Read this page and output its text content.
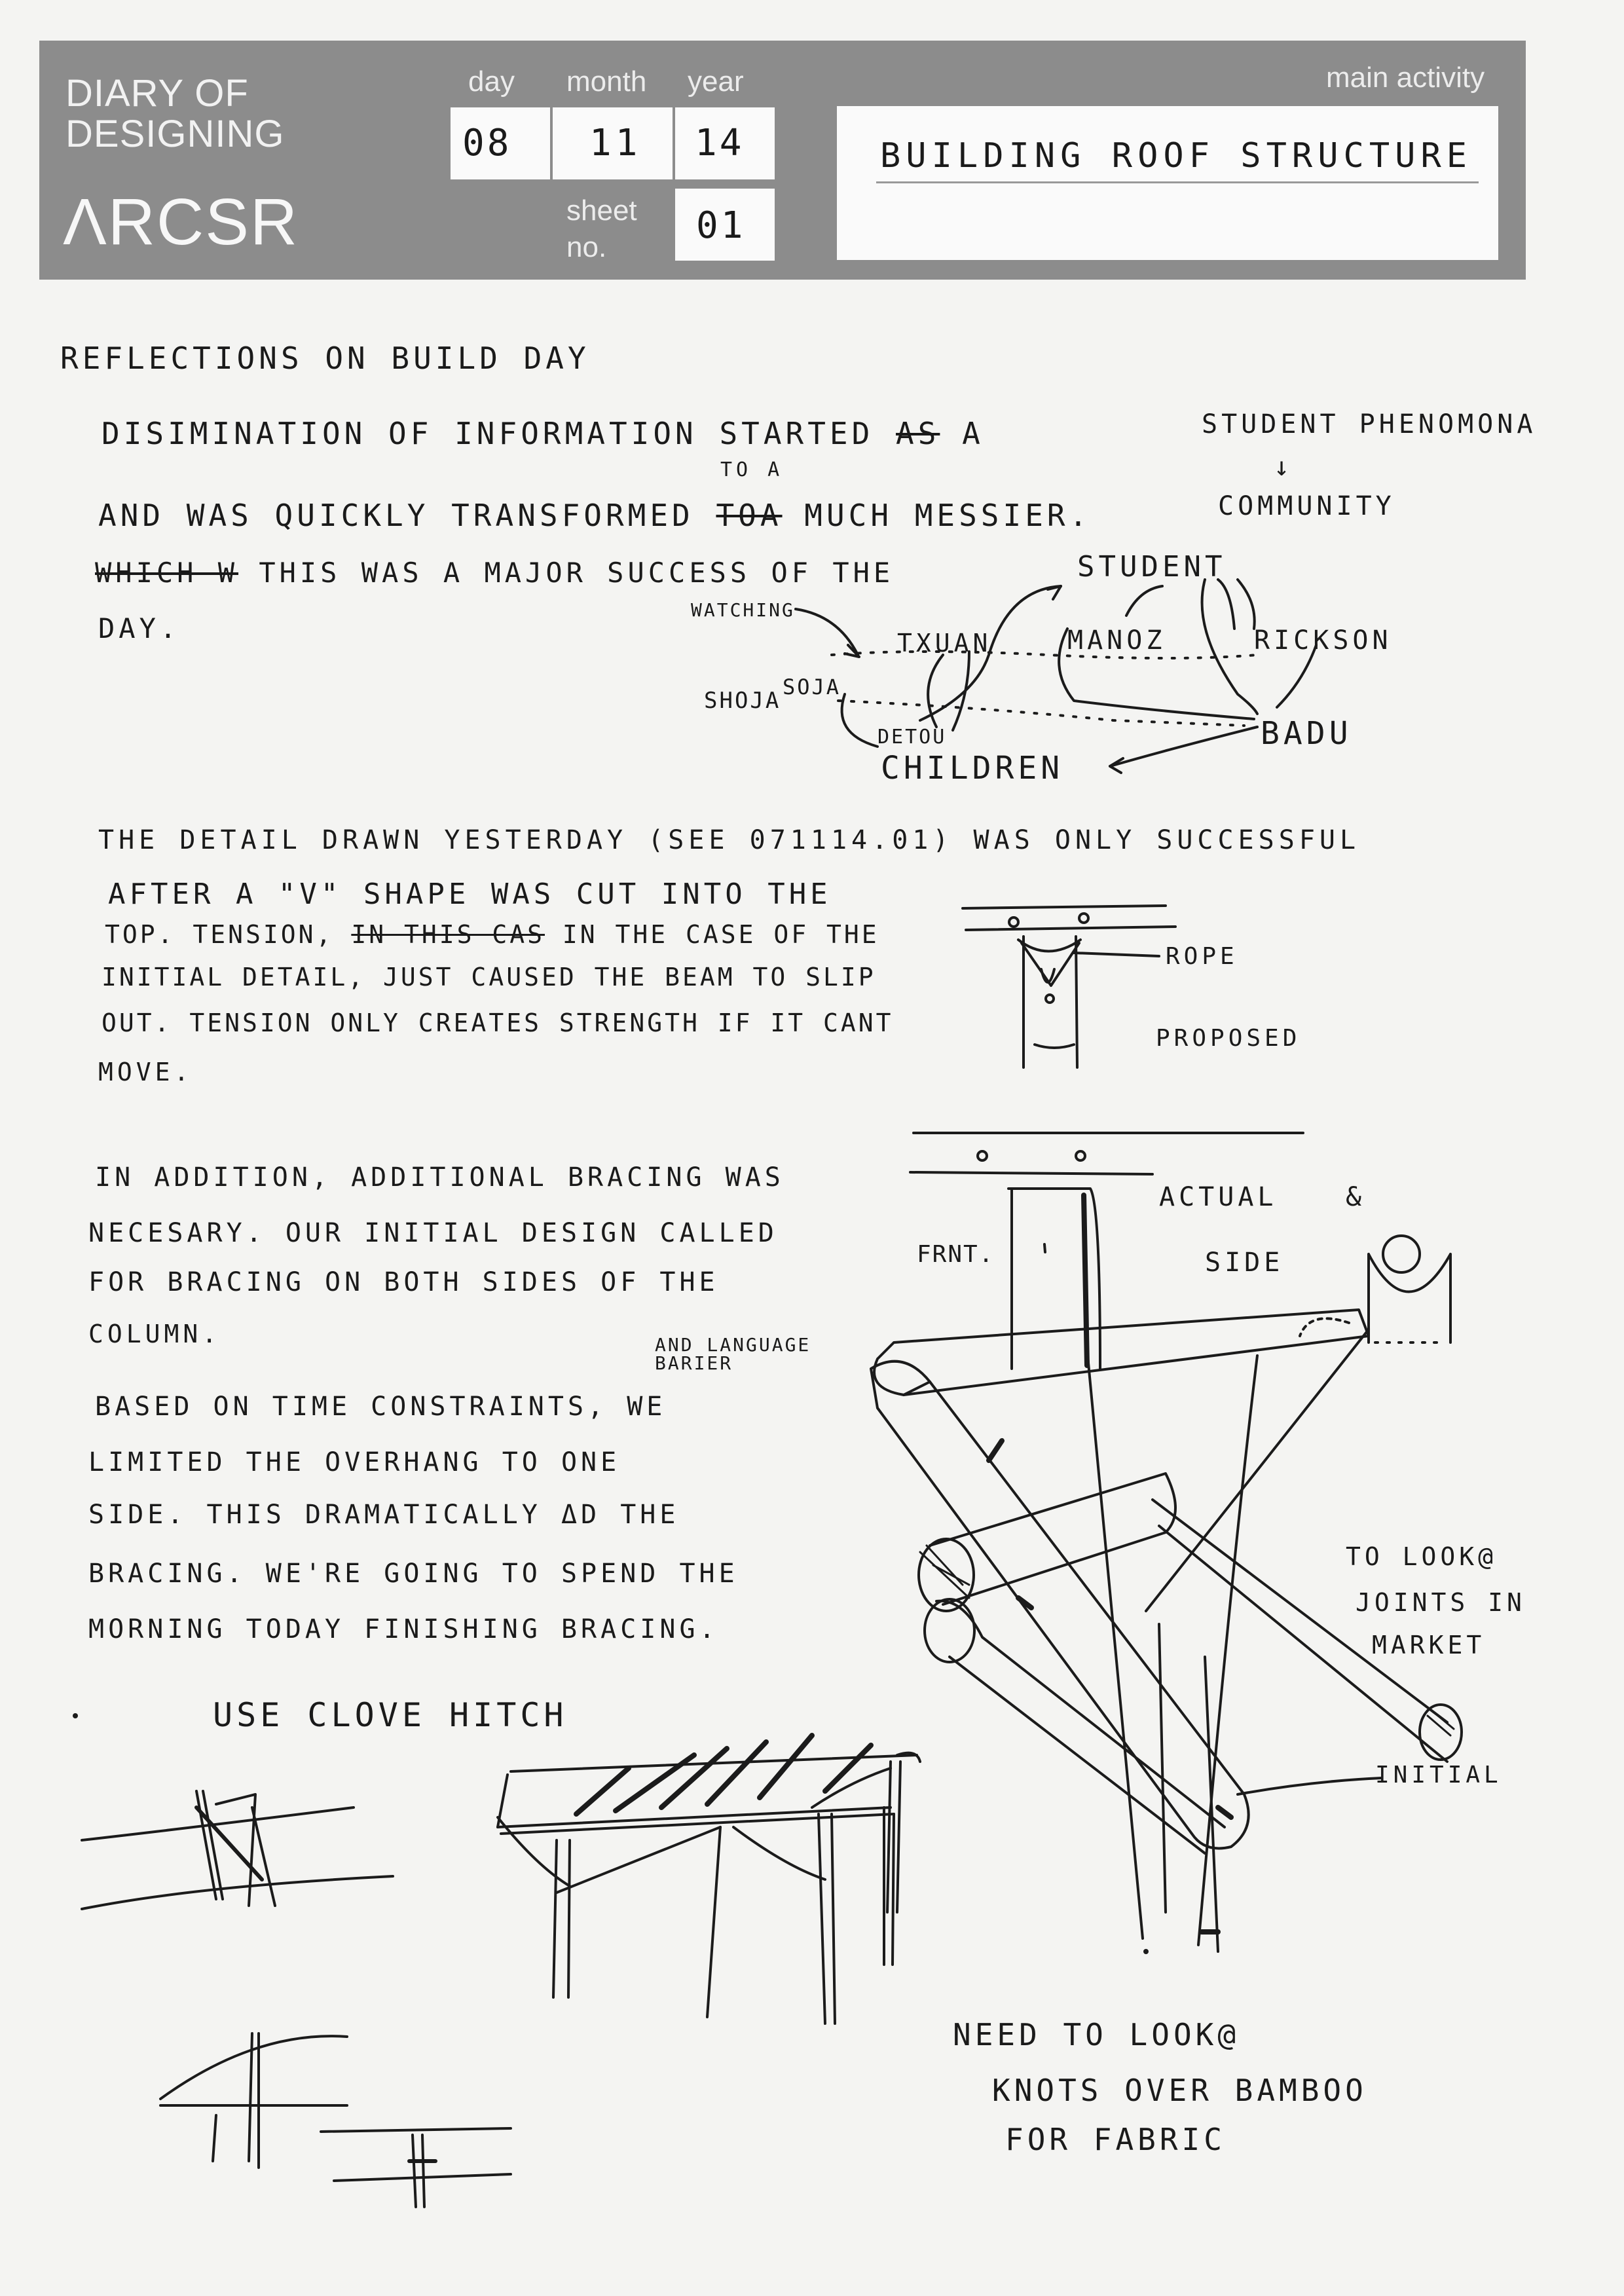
DIARY OF
DESIGNING
ΛRCSR
day month year	main activity
sheet
no.
08 11 14
01
BUILDING ROOF STRUCTURE
REFLECTIONS ON BUILD DAY
DISIMINATION OF INFORMATION STARTED AS A
TO A
AND WAS QUICKLY TRANSFORMED TOA MUCH MESSIER.
WHICH W THIS WAS A MAJOR SUCCESS OF THE
DAY.
STUDENT PHENOMONA
↓
COMMUNITY
STUDENT
WATCHING
TXUAN	MANOZ	RICKSON
SHOJA
SOJA
DETOU
CHILDREN
BADU
THE DETAIL DRAWN YESTERDAY (SEE 071114.01) WAS ONLY SUCCESSFUL
AFTER A "V" SHAPE WAS CUT INTO THE
TOP. TENSION, IN THIS CAS IN THE CASE OF THE
INITIAL DETAIL, JUST CAUSED THE BEAM TO SLIP
OUT. TENSION ONLY CREATES STRENGTH IF IT CANT
MOVE.
ROPE
PROPOSED
ACTUAL	&
SIDE
FRNT.
IN ADDITION, ADDITIONAL BRACING WAS
NECESARY. OUR INITIAL DESIGN CALLED
FOR BRACING ON BOTH SIDES OF THE
COLUMN.	AND LANGUAGE BARIER
BASED ON TIME CONSTRAINTS, WE
LIMITED THE OVERHANG TO ONE
SIDE. THIS DRAMATICALLY ΔD THE
BRACING. WE'RE GOING TO SPEND THE
MORNING TODAY FINISHING BRACING.
USE CLOVE HITCH
TO LOOK@
JOINTS IN
MARKET
INITIAL
NEED TO LOOK@
KNOTS OVER BAMBOO
FOR FABRIC
